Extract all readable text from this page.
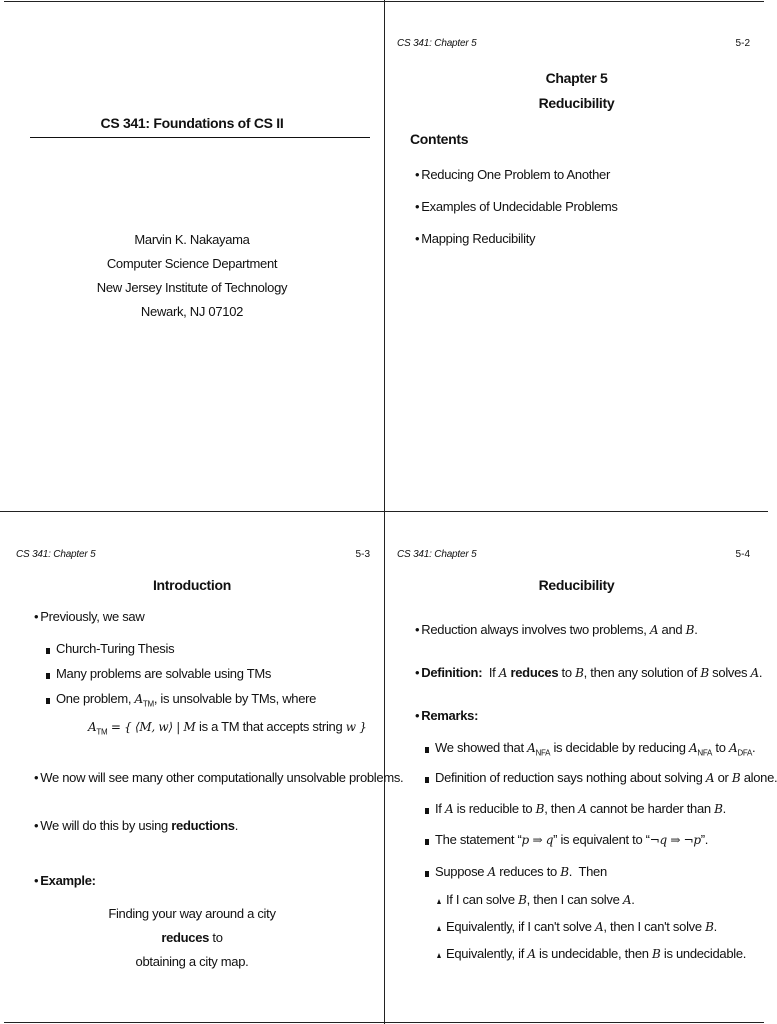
CS 341: Foundations of CS II
Marvin K. Nakayama
Computer Science Department
New Jersey Institute of Technology
Newark, NJ 07102
CS 341: Chapter 5	5-2
Chapter 5
Reducibility
Contents
• Reducing One Problem to Another
• Examples of Undecidable Problems
• Mapping Reducibility
CS 341: Chapter 5	5-3
Introduction
• Previously, we saw
Church-Turing Thesis
Many problems are solvable using TMs
One problem, $A_{TM}$, is unsolvable by TMs, where
$A_{TM}$ = { ⟨M, w⟩ | M is a TM that accepts string w }
• We now will see many other computationally unsolvable problems.
• We will do this by using reductions.
• Example:
Finding your way around a city
reduces to
obtaining a city map.
CS 341: Chapter 5	5-4
Reducibility
• Reduction always involves two problems, A and B.
• Definition:  If A reduces to B, then any solution of B solves A.
• Remarks:
We showed that $A_{NFA}$ is decidable by reducing $A_{NFA}$ to $A_{DFA}$.
Definition of reduction says nothing about solving A or B alone.
If A is reducible to B, then A cannot be harder than B.
The statement “p ⇒ q” is equivalent to “¬q ⇒ ¬p”.
Suppose A reduces to B.  Then
If I can solve B, then I can solve A.
Equivalently, if I can't solve A, then I can't solve B.
Equivalently, if A is undecidable, then B is undecidable.
